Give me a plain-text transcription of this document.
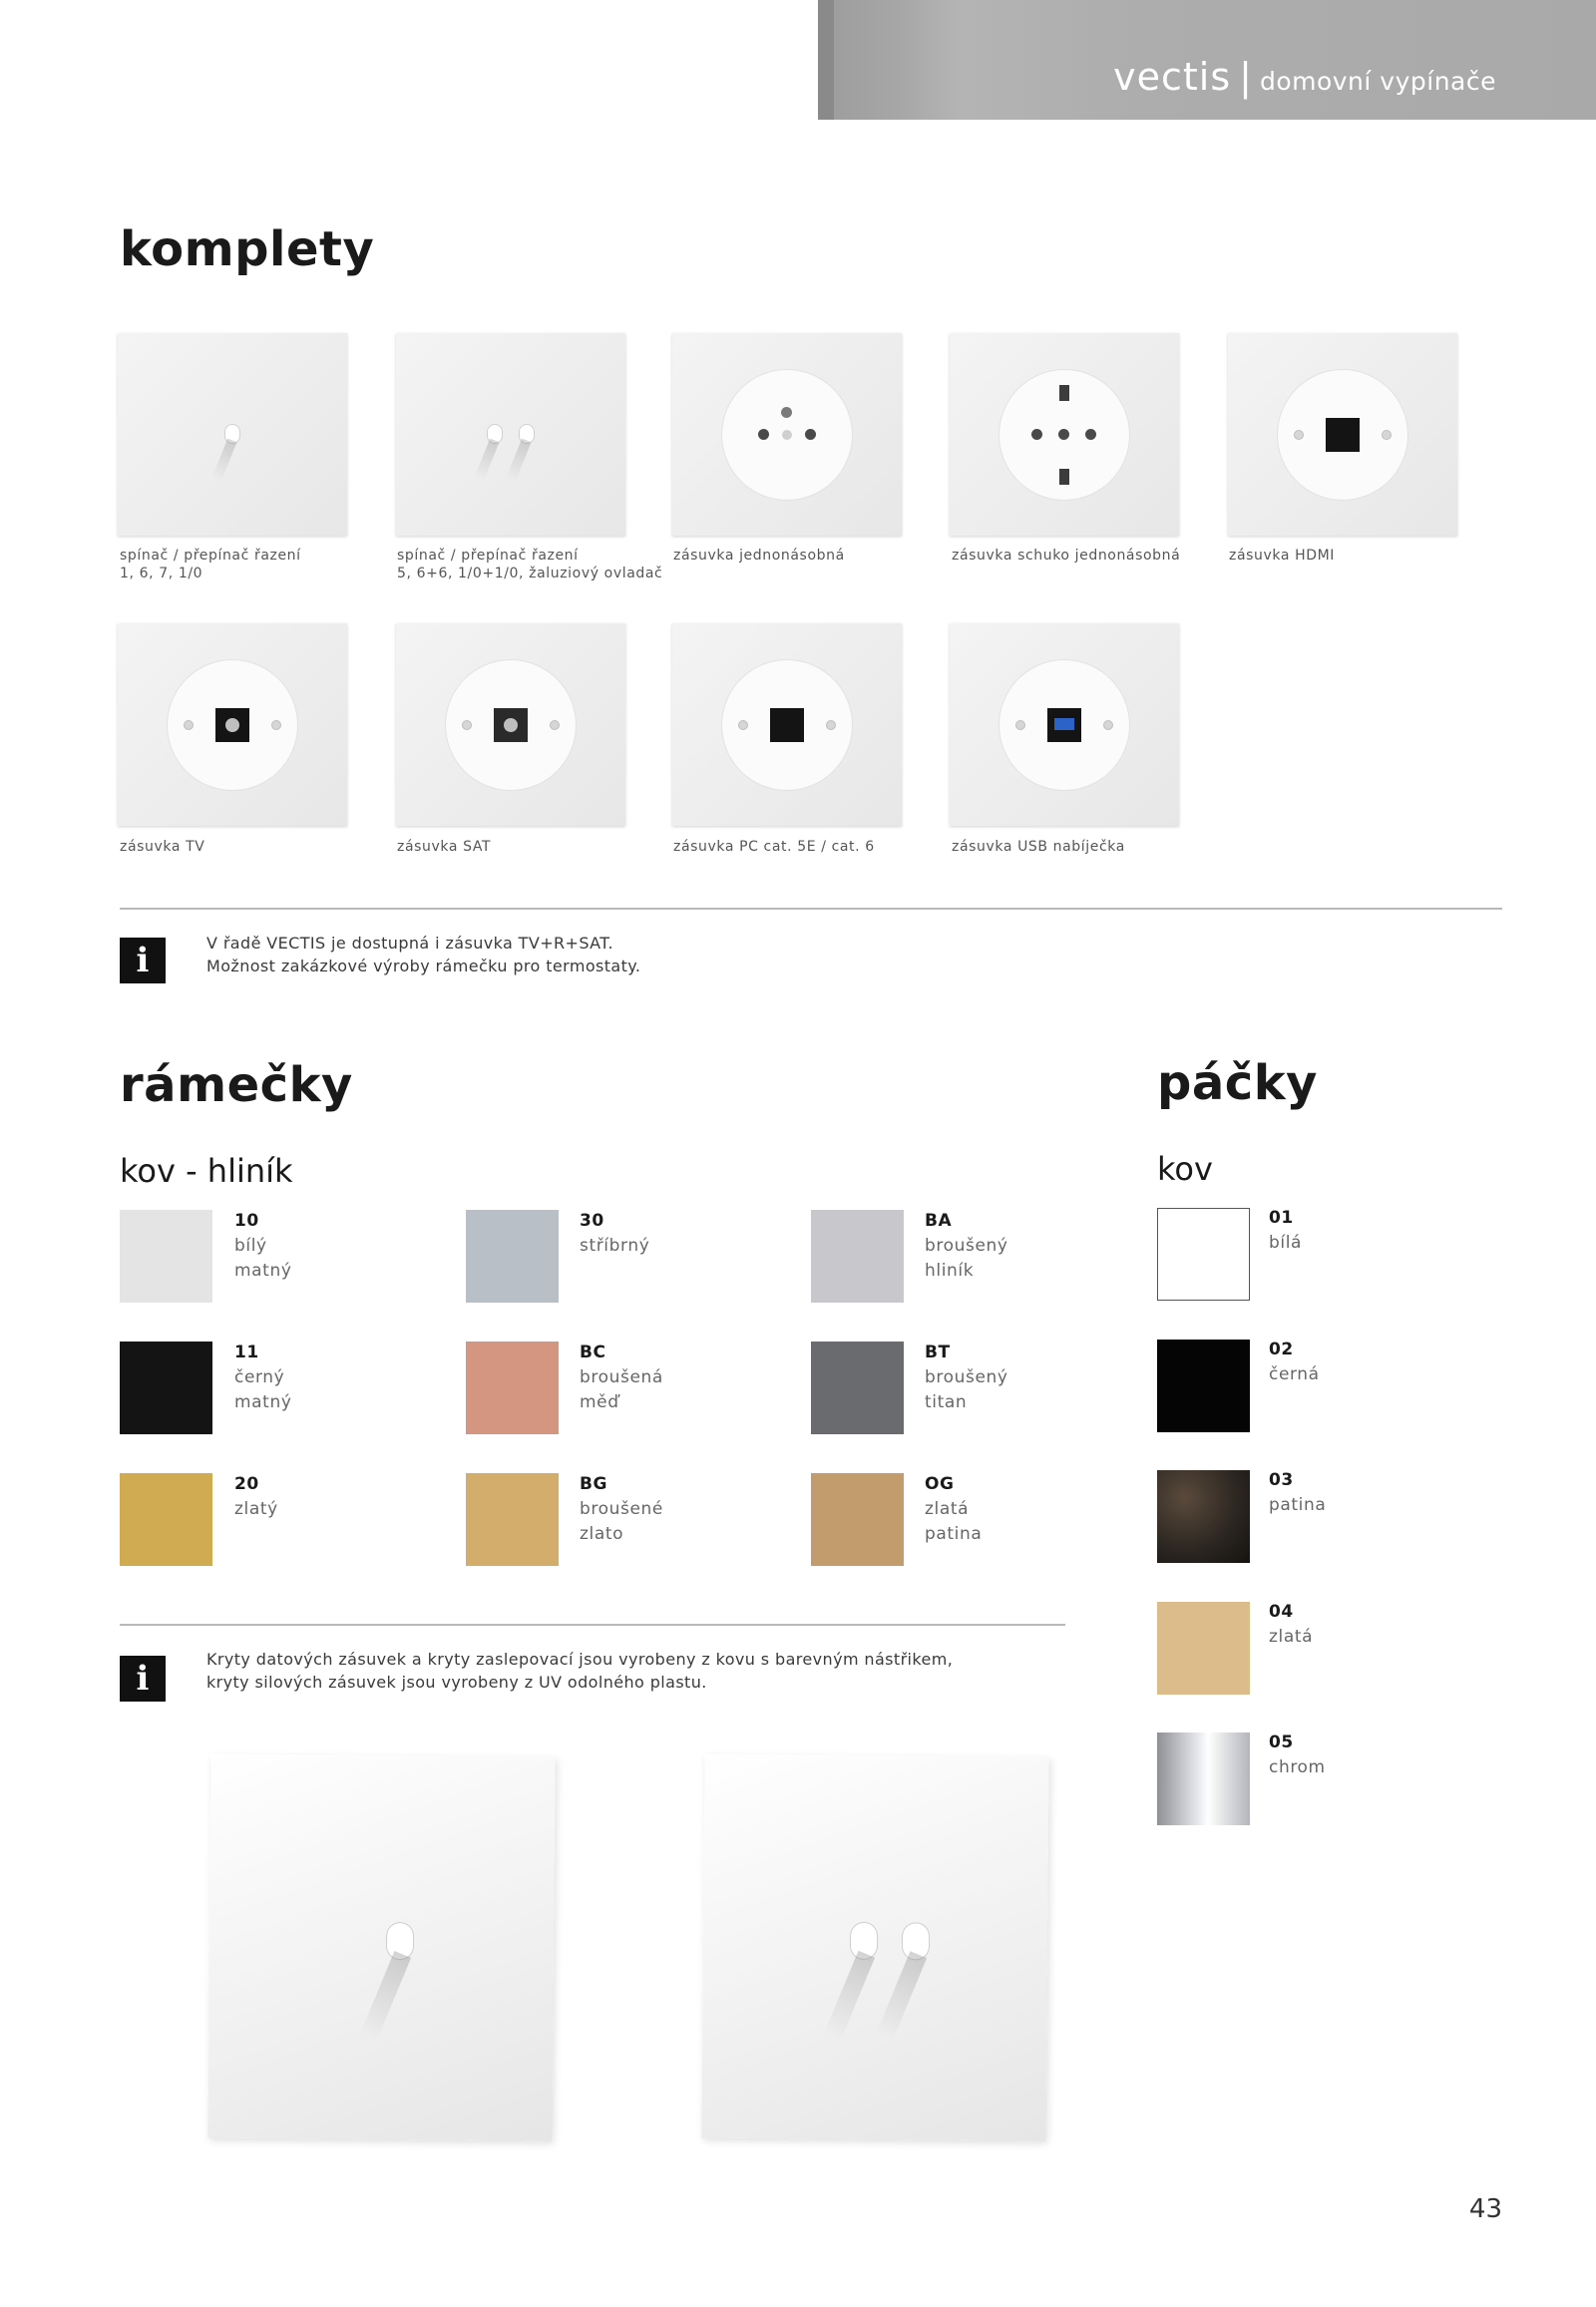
vectis | domovní vypínače
komplety
spínač / přepínač řazení
1, 6, 7, 1/0
spínač / přepínač řazení
5, 6+6, 1/0+1/0, žaluziový ovladač
zásuvka jednonásobná	zásuvka schuko jednonásobná	zásuvka HDMI
zásuvka TV	zásuvka SAT	zásuvka PC cat. 5E / cat. 6	zásuvka USB nabíječka
i	V řadě VECTIS je dostupná i zásuvka TV+R+SAT.
Možnost zakázkové výroby rámečku pro termostaty.
rámečky
kov - hliník
10
bílý
matný
30
stříbrný
BA
broušený
hliník
11
černý
matný
BC
broušená
měď
BT
broušený
titan
20
zlatý
BG
broušené
zlato
OG
zlatá
patina
páčky
kov
01
bílá
02
černá
03
patina
04
zlatá
05
chrom
i	Kryty datových zásuvek a kryty zaslepovací jsou vyrobeny z kovu s barevným nástřikem,
kryty silových zásuvek jsou vyrobeny z UV odolného plastu.
43
